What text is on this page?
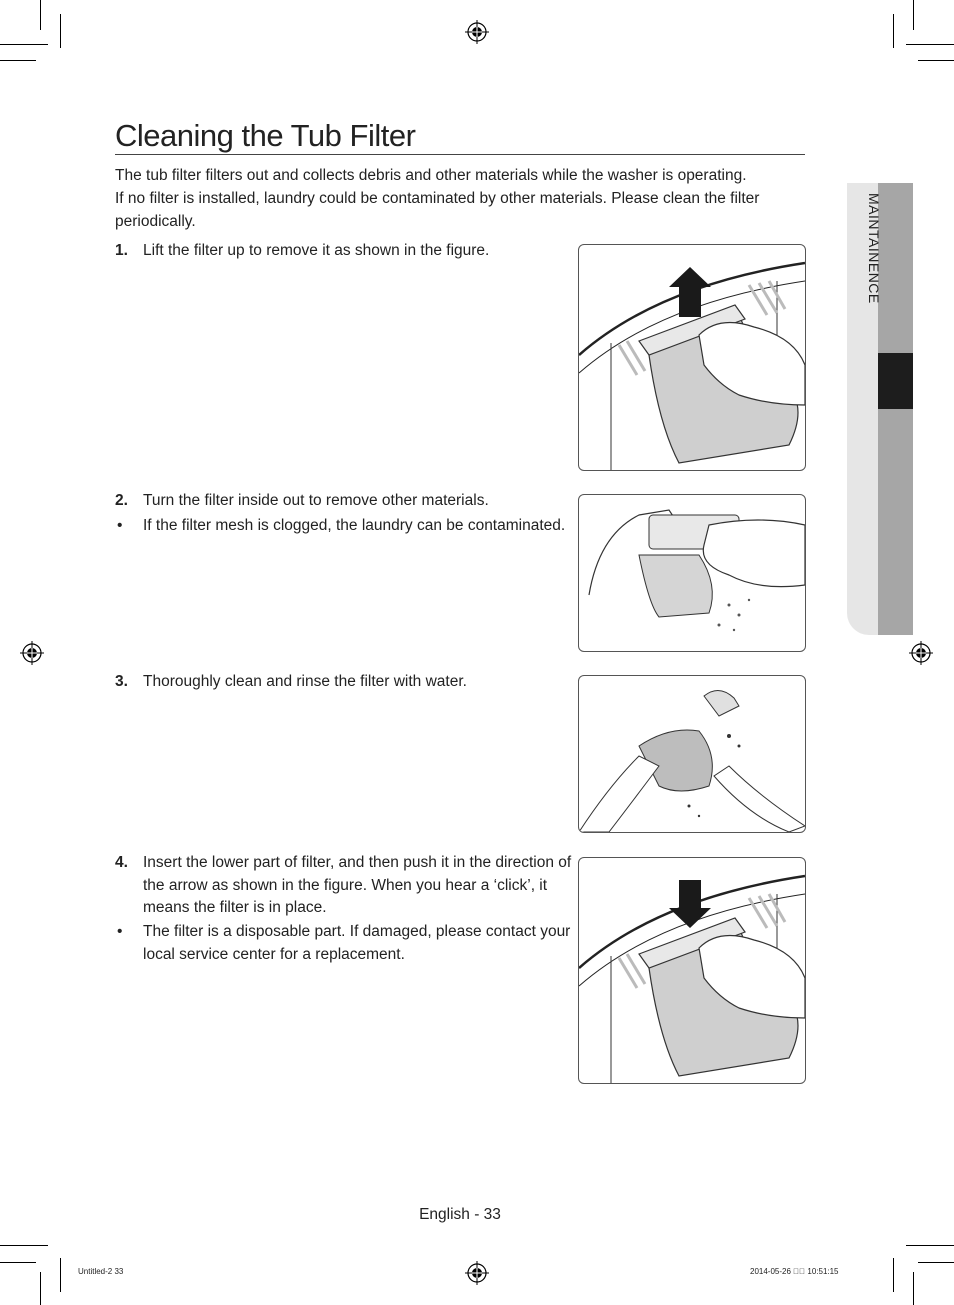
MAINTAINENCE
Cleaning the Tub Filter
The tub filter filters out and collects debris and other materials while the washer is operating.
If no filter is installed, laundry could be contaminated by other materials. Please clean the filter periodically.
1. Lift the filter up to remove it as shown in the figure.
2. Turn the filter inside out to remove other materials.
• If the filter mesh is clogged, the laundry can be contaminated.
3. Thoroughly clean and rinse the filter with water.
4. Insert the lower part of filter, and then push it in the direction of the arrow as shown in the figure. When you hear a ‘click’, it means the filter is in place.
• The filter is a disposable part. If damaged, please contact your local service center for a replacement.
English - 33
Untitled-2 33	2014-05-26 ⃞⃞ 10:51:15
